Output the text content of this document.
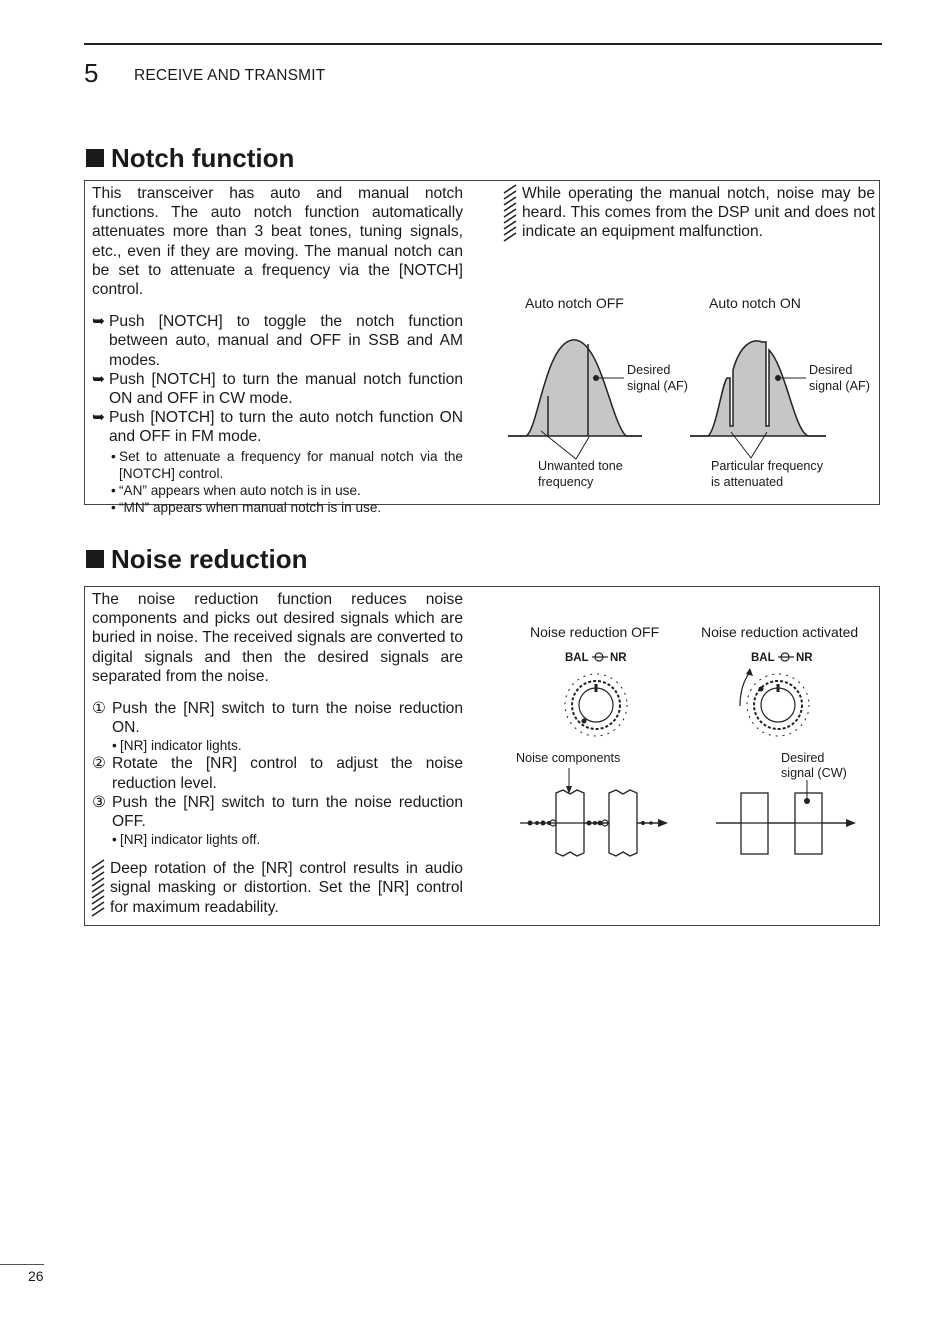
5 RECEIVE AND TRANSMIT
Notch function

This transceiver has auto and manual notch functions. The auto notch function automatically attenuates more than 3 beat tones, tuning signals, etc., even if they are moving. The manual notch can be set to attenuate a frequency via the [NOTCH] control.

➥ Push [NOTCH] to toggle the notch function between auto, manual and OFF in SSB and AM modes.
➥ Push [NOTCH] to turn the manual notch function ON and OFF in CW mode.
➥ Push [NOTCH] to turn the auto notch function ON and OFF in FM mode.
• Set to attenuate a frequency for manual notch via the [NOTCH] control.
• “AN” appears when auto notch is in use.
• “MN” appears when manual notch is in use.
While operating the manual notch, noise may be heard. This comes from the DSP unit and does not indicate an equipment malfunction.
Auto notch OFF	Auto notch ON
Desired
signal (AF)
Desired
signal (AF)
Unwanted tone
frequency
Particular frequency
is attenuated
Noise reduction

The noise reduction function reduces noise components and picks out desired signals which are buried in noise. The received signals are converted to digital signals and then the desired signals are separated from the noise.

① Push the [NR] switch to turn the noise reduction ON.
• [NR] indicator lights.
② Rotate the [NR] control to adjust the noise reduction level.
③ Push the [NR] switch to turn the noise reduction OFF.
• [NR] indicator lights off.
Deep rotation of the [NR] control results in audio signal masking or distortion. Set the [NR] control for maximum readability.
Noise reduction OFF	Noise reduction activated
BAL NR	BAL NR
Noise components	Desired
signal (CW)
26
